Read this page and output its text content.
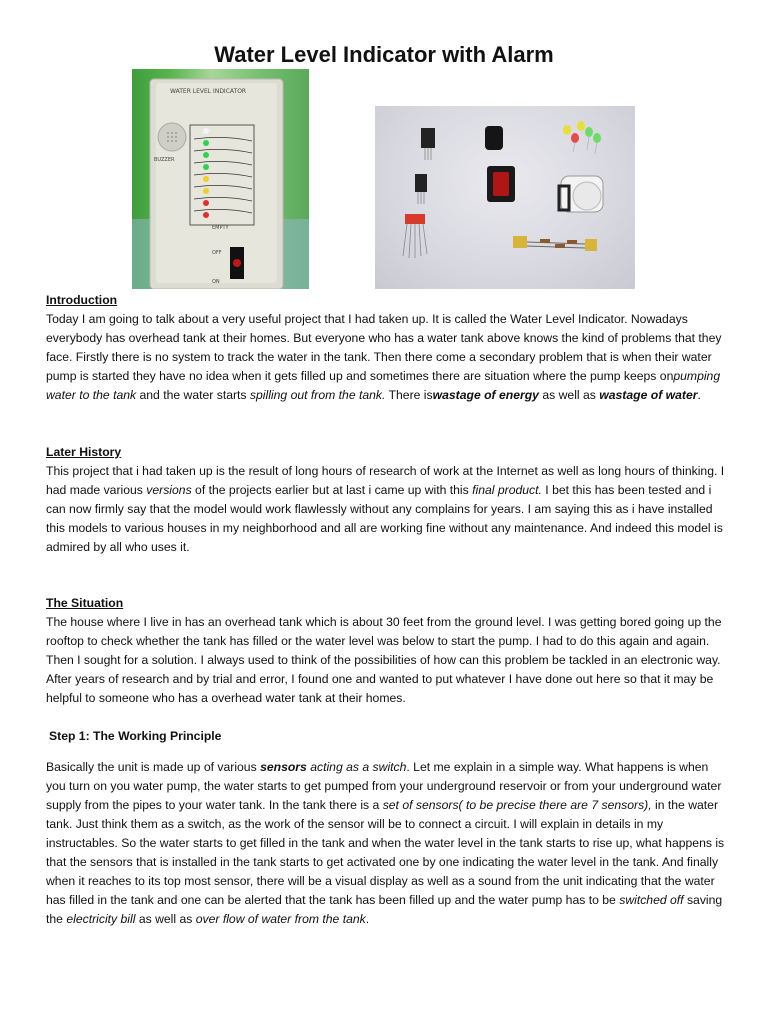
Water Level Indicator with Alarm
WATER LEVEL INDICATOR
BUZZER
EMPTY
OFF
ON

Introduction

Today I am going to talk about a very useful project that I had taken up. It is called the Water Level Indicator. Nowadays everybody has overhead tank at their homes. But everyone who has a water tank above knows the kind of problems that they face. Firstly there is no system to track the water in the tank. Then there come a secondary problem that is when their water pump is started they have no idea when it gets filled up and sometimes there are situation where the pump keeps onpumping water to the tank and the water starts spilling out from the tank. There iswastage of energy as well as wastage of water.

Later History

This project that i had taken up is the result of long hours of research of work at the Internet as well as long hours of thinking. I had made various versions of the projects earlier but at last i came up with this final product. I bet this has been tested and i can now firmly say that the model would work flawlessly without any complains for years. I am saying this as i have installed this models to various houses in my neighborhood and all are working fine without any maintenance. And indeed this model is admired by all who uses it.

The Situation

The house where I live in has an overhead tank which is about 30 feet from the ground level. I was getting bored going up the rooftop to check whether the tank has filled or the water level was below to start the pump. I had to do this again and again. Then I sought for a solution. I always used to think of the possibilities of how can this problem be tackled in an electronic way. After years of research and by trial and error, I found one and wanted to put whatever I have done out here so that it may be helpful to someone who has a overhead water tank at their homes.

Step 1: The Working Principle

Basically the unit is made up of various sensors acting as a switch. Let me explain in a simple way. What happens is when you turn on you water pump, the water starts to get pumped from your underground reservoir or from your underground water supply from the pipes to your water tank. In the tank there is a set of sensors( to be precise there are 7 sensors), in the water tank. Just think them as a switch, as the work of the sensor will be to connect a circuit. I will explain in details in my instructables. So the water starts to get filled in the tank and when the water level in the tank starts to rise up, what happens is that the sensors that is installed in the tank starts to get activated one by one indicating the water level in the tank. And finally when it reaches to its top most sensor, there will be a visual display as well as a sound from the unit indicating that the water has filled in the tank and one can be alerted that the tank has been filled up and the water pump has to be switched off saving the electricity bill as well as over flow of water from the tank.
